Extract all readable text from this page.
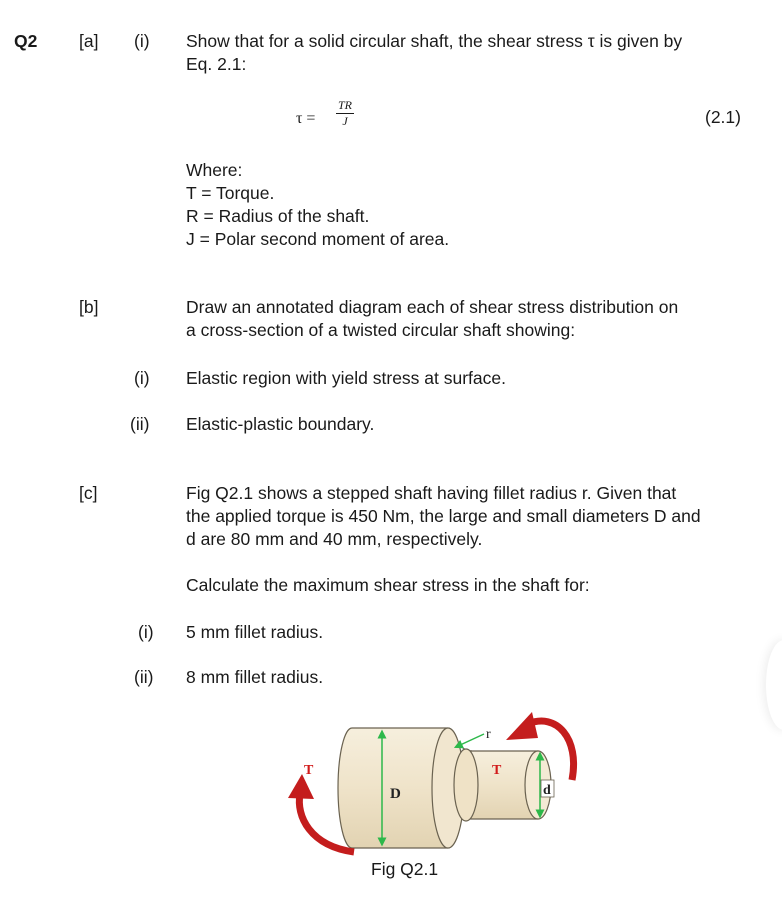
Q2 [a] (i) Show that for a solid circular shaft, the shear stress τ is given by
Eq. 2.1:
$\tau = \frac{TR}{J}$	(2.1)
Where:
T = Torque.
R = Radius of the shaft.
J = Polar second moment of area.
[b]	Draw an annotated diagram each of shear stress distribution on
a cross-section of a twisted circular shaft showing:
(i) Elastic region with yield stress at surface.
(ii) Elastic-plastic boundary.
[c]	Fig Q2.1 shows a stepped shaft having fillet radius r. Given that
the applied torque is 450 Nm, the large and small diameters D and
d are 80 mm and 40 mm, respectively.
Calculate the maximum shear stress in the shaft for:
(i) 5 mm fillet radius.
(ii) 8 mm fillet radius.
D	d
r
T	T
Fig Q2.1
